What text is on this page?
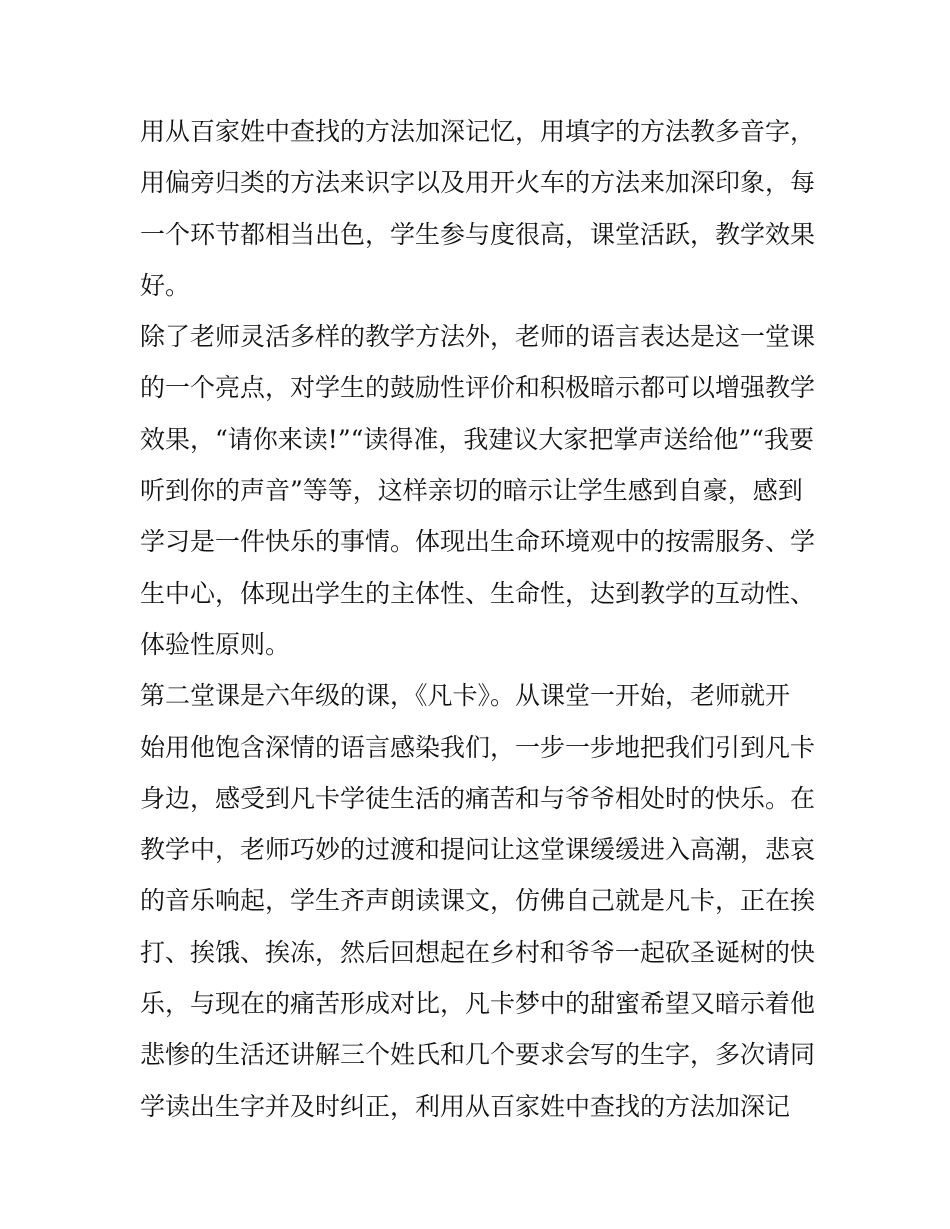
用从百家姓中查找的方法加深记忆，用填字的方法教多音字，
用偏旁归类的方法来识字以及用开火车的方法来加深印象，每
一个环节都相当出色，学生参与度很高，课堂活跃，教学效果
好。
除了老师灵活多样的教学方法外，老师的语言表达是这一堂课
的一个亮点，对学生的鼓励性评价和积极暗示都可以增强教学
效果，“请你来读!”“读得准，我建议大家把掌声送给他”“我要
听到你的声音”等等，这样亲切的暗示让学生感到自豪，感到
学习是一件快乐的事情。体现出生命环境观中的按需服务、学
生中心，体现出学生的主体性、生命性，达到教学的互动性、
体验性原则。
第二堂课是六年级的课，《凡卡》。从课堂一开始，老师就开
始用他饱含深情的语言感染我们，一步一步地把我们引到凡卡
身边，感受到凡卡学徒生活的痛苦和与爷爷相处时的快乐。在
教学中，老师巧妙的过渡和提问让这堂课缓缓进入高潮，悲哀
的音乐响起，学生齐声朗读课文，仿佛自己就是凡卡，正在挨
打、挨饿、挨冻，然后回想起在乡村和爷爷一起砍圣诞树的快
乐，与现在的痛苦形成对比，凡卡梦中的甜蜜希望又暗示着他
悲惨的生活还讲解三个姓氏和几个要求会写的生字，多次请同
学读出生字并及时纠正，利用从百家姓中查找的方法加深记
